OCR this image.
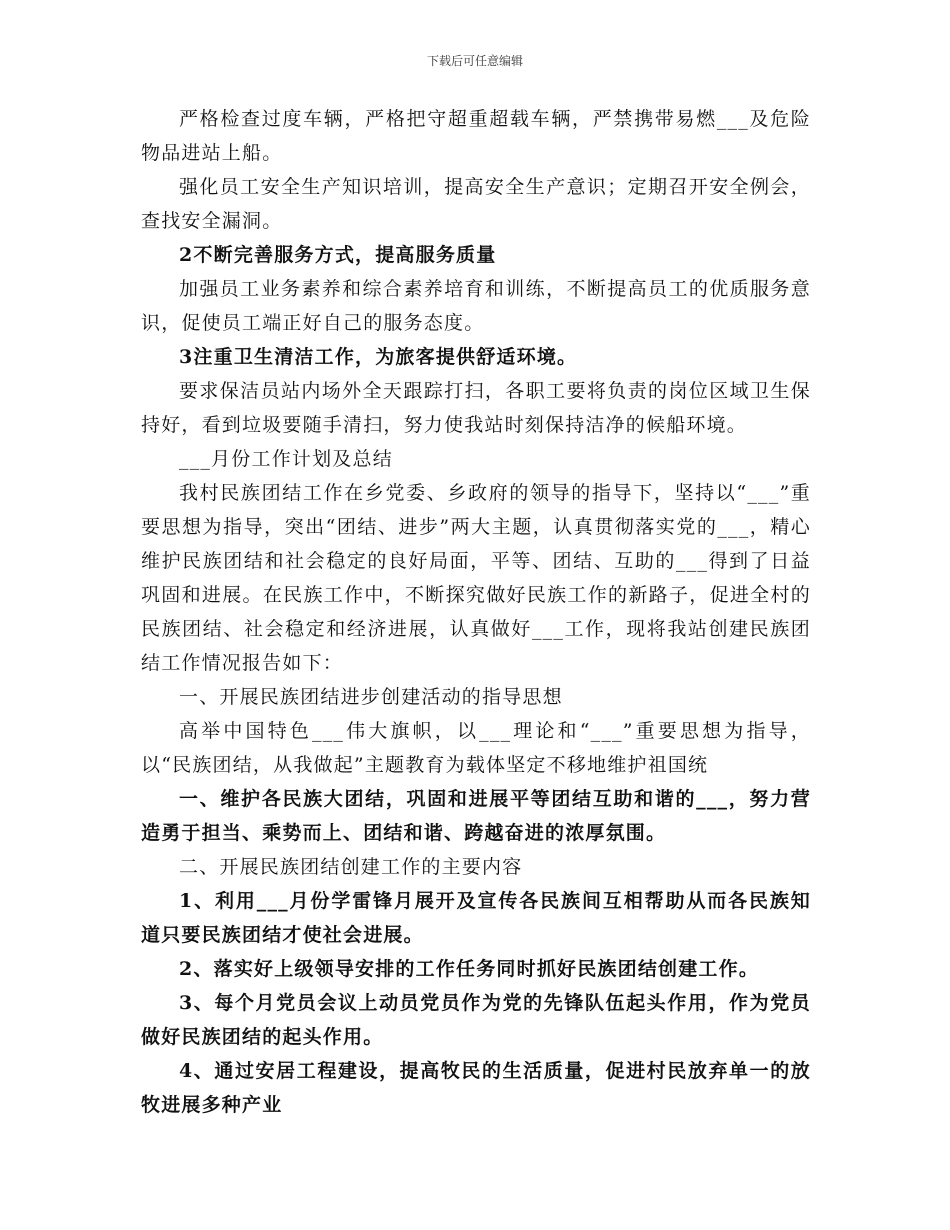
下载后可任意编辑

严格检查过度车辆，严格把守超重超载车辆，严禁携带易燃___及危险物品进站上船。

强化员工安全生产知识培训，提高安全生产意识；定期召开安全例会，查找安全漏洞。

2不断完善服务方式，提高服务质量

加强员工业务素养和综合素养培育和训练，不断提高员工的优质服务意识，促使员工端正好自己的服务态度。

3注重卫生清洁工作，为旅客提供舒适环境。

要求保洁员站内场外全天跟踪打扫，各职工要将负责的岗位区域卫生保持好，看到垃圾要随手清扫，努力使我站时刻保持洁净的候船环境。

___月份工作计划及总结

我村民族团结工作在乡党委、乡政府的领导的指导下，坚持以“___”重要思想为指导，突出“团结、进步”两大主题，认真贯彻落实党的___，精心维护民族团结和社会稳定的良好局面，平等、团结、互助的___得到了日益巩固和进展。在民族工作中，不断探究做好民族工作的新路子，促进全村的民族团结、社会稳定和经济进展，认真做好___工作，现将我站创建民族团结工作情况报告如下：

一、开展民族团结进步创建活动的指导思想

高举中国特色___伟大旗帜，以___理论和“___”重要思想为指导，以“民族团结，从我做起”主题教育为载体坚定不移地维护祖国统

一、维护各民族大团结，巩固和进展平等团结互助和谐的___，努力营造勇于担当、乘势而上、团结和谐、跨越奋进的浓厚氛围。

二、开展民族团结创建工作的主要内容

1、利用___月份学雷锋月展开及宣传各民族间互相帮助从而各民族知道只要民族团结才使社会进展。

2、落实好上级领导安排的工作任务同时抓好民族团结创建工作。

3、每个月党员会议上动员党员作为党的先锋队伍起头作用，作为党员做好民族团结的起头作用。

4、通过安居工程建设，提高牧民的生活质量，促进村民放弃单一的放牧进展多种产业
